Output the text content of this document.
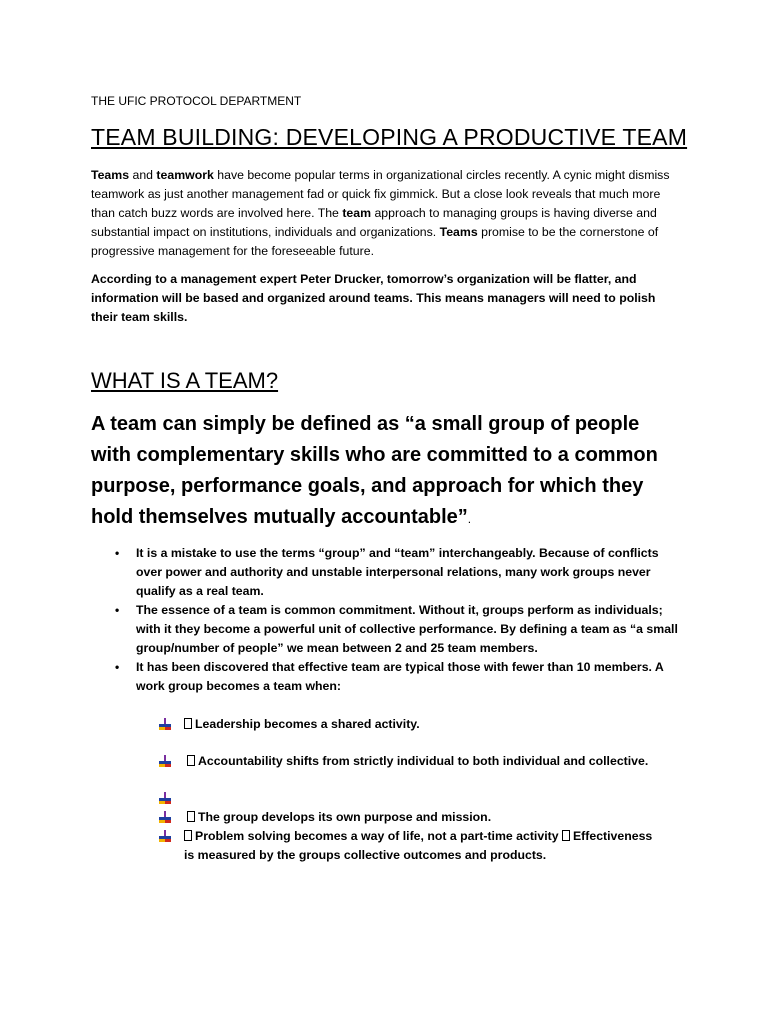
THE UFIC PROTOCOL DEPARTMENT
TEAM BUILDING: DEVELOPING A PRODUCTIVE TEAM

Teams and teamwork have become popular terms in organizational circles recently. A cynic might dismiss teamwork as just another management fad or quick fix gimmick. But a close look reveals that much more than catch buzz words are involved here. The team approach to managing groups is having diverse and substantial impact on institutions, individuals and organizations. Teams promise to be the cornerstone of progressive management for the foreseeable future.

According to a management expert Peter Drucker, tomorrow’s organization will be flatter, and information will be based and organized around teams. This means managers will need to polish their team skills.

WHAT IS A TEAM?

A team can simply be defined as “a small group of people with complementary skills who are committed to a common purpose, performance goals, and approach for which they hold themselves mutually accountable”.

• It is a mistake to use the terms “group” and “team” interchangeably. Because of conflicts over power and authority and unstable interpersonal relations, many work groups never qualify as a real team.
• The essence of a team is common commitment. Without it, groups perform as individuals; with it they become a powerful unit of collective performance. By defining a team as “a small group/number of people” we mean between 2 and 25 team members.
• It has been discovered that effective team are typical those with fewer than 10 members. A work group becomes a team when:
Leadership becomes a shared activity.
Accountability shifts from strictly individual to both individual and collective.
The group develops its own purpose and mission.
Problem solving becomes a way of life, not a part-time activity Effectiveness is measured by the groups collective outcomes and products.
